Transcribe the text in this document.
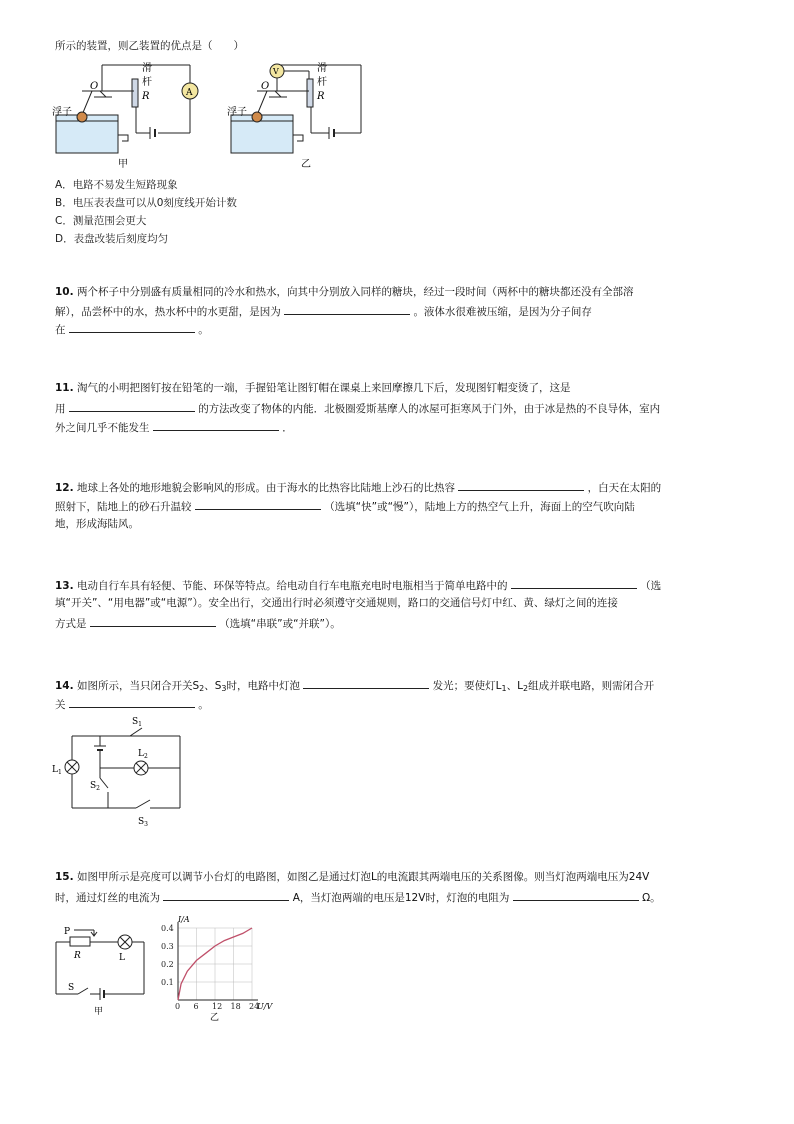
所示的装置，则乙装置的优点是（　　）
O
滑
杆
R	A
浮子
甲
O
V	滑
杆
R
浮子
乙
A．电路不易发生短路现象
B．电压表表盘可以从0刻度线开始计数
C．测量范围会更大
D．表盘改装后刻度均匀
10. 两个杯子中分别盛有质量相同的冷水和热水，向其中分别放入同样的糖块，经过一段时间（两杯中的糖块都还没有全部溶
解），品尝杯中的水，热水杯中的水更甜，是因为	。液体水很难被压缩，是因为分子间存
在	。
11. 淘气的小明把图钉按在铅笔的一端，手握铅笔让图钉帽在课桌上来回摩擦几下后，发现图钉帽变烫了，这是
用	的方法改变了物体的内能．北极圈爱斯基摩人的冰屋可拒寒风于门外，由于冰是热的不良导体，室内
外之间几乎不能发生	．
12. 地球上各处的地形地貌会影响风的形成。由于海水的比热容比陆地上沙石的比热容	，白天在太阳的
照射下，陆地上的砂石升温较	（选填“快”或“慢”），陆地上方的热空气上升，海面上的空气吹向陆
地，形成海陆风。
13. 电动自行车具有轻便、节能、环保等特点。给电动自行车电瓶充电时电瓶相当于简单电路中的	（选
填“开关”、“用电器”或“电源”）。安全出行，交通出行时必须遵守交通规则，路口的交通信号灯中红、黄、绿灯之间的连接
方式是	（选填“串联”或“并联”）。
14. 如图所示，当只闭合开关$S_2$、$S_3$时，电路中灯泡	发光；要使灯$L_1$、$L_2$组成并联电路，则需闭合开
关	。
$S_1$
$L_2$
$L_1$
$S_2$
$S_3$
15. 如图甲所示是亮度可以调节小台灯的电路图，如图乙是通过灯泡L的电流跟其两端电压的关系图像。则当灯泡两端电压为24V
时，通过灯丝的电流为	A，当灯泡两端的电压是12V时，灯泡的电阻为	Ω。
P
R	L
S
甲
0 6 12 18 24
0.1
0.2
0.3
0.4
I/A
U/V
乙
